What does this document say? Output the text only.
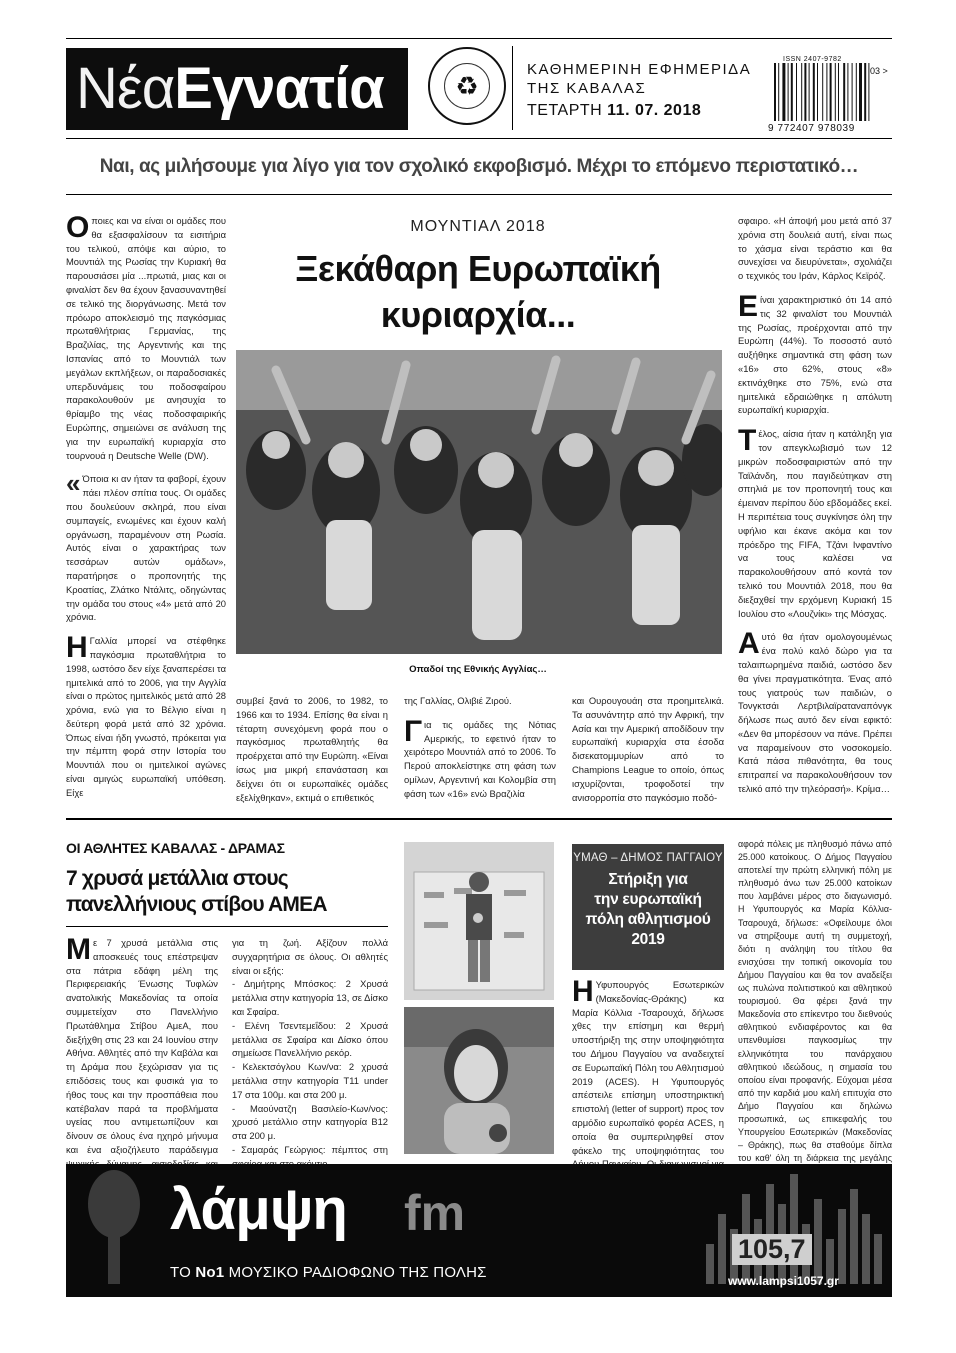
ΝέαΕγνατία	♻
ΚΑΘΗΜΕΡΙΝΗ ΕΦΗΜΕΡΙΔΑ
ΤΗΣ ΚΑΒΑΛΑΣ
ΤΕΤΑΡΤΗ 11. 07. 2018
ISSN 2407-9782
03 >
9 772407 978039
Ναι, ας μιλήσουμε για λίγο για τον σχολικό εκφοβισμό. Μέχρι το επόμενο περιστατικό…

Οποιες και να είναι οι ομάδες που θα εξασφαλίσουν τα εισιτήρια του τελικού, απόψε και αύριο, το Μουντιάλ της Ρωσίας την Κυριακή θα παρουσιάσει μία ...πρωτιά, μιας και οι φιναλίστ δεν θα έχουν ξανασυναντηθεί σε τελικό της διοργάνωσης. Μετά τον πρόωρο αποκλεισμό της παγκόσμιας πρωταθλήτριας Γερμανίας, της Βραζιλίας, της Αργεντινής και της Ισπανίας από το Μουντιάλ των μεγάλων εκπλήξεων, οι παραδοσιακές υπερδυνάμεις του ποδοσφαίρου παρακολουθούν με ανησυχία το θρίαμβο της νέας ποδοσφαιρικής Ευρώπης, σημειώνει σε ανάλυση της για την ευρωπαϊκή κυριαρχία στο τουρνουά η Deutsche Welle (DW).

« Όποια κι αν ήταν τα φαβορί, έχουν πάει πλέον σπίτια τους. Οι ομάδες που δουλεύουν σκληρά, που είναι συμπαγείς, ενωμένες και έχουν καλή οργάνωση, παραμένουν στη Ρωσία. Αυτός είναι ο χαρακτήρας των τεσσάρων αυτών ομάδων», παρατήρησε ο προπονητής της Κροατίας, Ζλάτκο Ντάλιτς, οδηγώντας την ομάδα του στους «4» μετά από 20 χρόνια.

Η Γαλλία μπορεί να στέφθηκε παγκόσμια πρωταθλήτρια το 1998, ωστόσο δεν είχε ξαναπερέσει τα ημιτελικά από το 2006, για την Αγγλία είναι ο πρώτος ημιτελικός μετά από 28 χρόνια, ενώ για το Βέλγιο είναι η δεύτερη φορά μετά από 32 χρόνια. Όπως είναι ήδη γνωστό, πρόκειται για την πέμπτη φορά στην Ιστορία του Μουντιάλ που οι ημιτελικοί αγώνες είναι αμιγώς ευρωπαϊκή υπόθεση. Είχε

ΜΟΥΝΤΙΑΛ 2018
Ξεκάθαρη Ευρωπαϊκή
κυριαρχία...
Οπαδοί της Εθνικής Αγγλίας…

συμβεί ξανά το 2006, το 1982, το 1966 και το 1934. Επίσης θα είναι η τέταρτη συνεχόμενη φορά που ο παγκόσμιος πρωταθλητής θα προέρχεται από την Ευρώπη. «Είναι ίσως μια μικρή επανάσταση και δείχνει ότι οι ευρωπαϊκές ομάδες εξελίχθηκαν», εκτιμά ο επιθετικός

της Γαλλίας, Ολιβιέ Ζιρού.

Για τις ομάδες της Νότιας Αμερικής, το εφετινό ήταν το χειρότερο Μουντιάλ από το 2006. Το Περού αποκλείστηκε στη φάση των ομίλων, Αργεντινή και Κολομβία στη φάση των «16» ενώ Βραζιλία

και Ουρουγουάη στα προημιτελικά. Τα ασυνάντητρ από την Αφρική, την Ασία και την Αμερική αποδίδουν την ευρωπαϊκή κυριαρχία στα έσοδα δισεκατομμυρίων από το Champions League το οποίο, όπως ισχυρίζονται, τροφοδοτεί την ανισορροπία στο παγκόσμιο ποδό-

σφαιρο. «Η άποψή μου μετά από 37 χρόνια στη δουλειά αυτή, είναι πως το χάσμα είναι τεράστιο και θα συνεχίσει να διευρύνεται», σχολιάζει ο τεχνικός του Ιράν, Κάρλος Κεϊρόζ.

Είναι χαρακτηριστικό ότι 14 από τις 32 φιναλίστ του Μουντιάλ της Ρωσίας, προέρχονται από την Ευρώπη (44%). Το ποσοστό αυτό αυξήθηκε σημαντικά στη φάση των «16» στο 62%, στους «8» εκτινάχθηκε στο 75%, ενώ στα ημιτελικά εδραιώθηκε η απόλυτη ευρωπαϊκή κυριαρχία.

Τέλος, αίσια ήταν η κατάληξη για τον απεγκλωβισμό των 12 μικρών ποδοσφαιριστών από την Ταϊλάνδη, που παγιδεύτηκαν στη σπηλιά με τον προπονητή τους και έμειναν περίπου δύο εβδομάδες εκεί. Η περιπέτεια τους συγκίνησε όλη την υφήλιο και έκανε ακόμα και τον πρόεδρο της FIFA, Τζάνι Ινφαντίνο να τους καλέσει να παρακολουθήσουν από κοντά τον τελικό του Μουντιάλ 2018, που θα διεξαχθεί την ερχόμενη Κυριακή 15 Ιουλίου στο «Λουζνίκι» της Μόσχας.

Αυτό θα ήταν ομολογουμένως ένα πολύ καλό δώρο για τα ταλαιπωρημένα παιδιά, ωστόσο δεν θα γίνει πραγματικότητα. Ένας από τους γιατρούς των παιδιών, ο Τονγκτσάι Λερτβιλαϊραταναπόνγκ δήλωσε πως αυτό δεν είναι εφικτό: «Δεν θα μπορέσουν να πάνε. Πρέπει να παραμείνουν στο νοσοκομείο. Κατά πάσα πιθανότητα, θα τους επιτραπεί να παρακολουθήσουν τον τελικό από την τηλεόρασή». Κρίμα…

ΟΙ ΑΘΛΗΤΕΣ ΚΑΒΑΛΑΣ - ΔΡΑΜΑΣ
7 χρυσά μετάλλια στους
πανελλήνιους στίβου ΑΜΕΑ

Με 7 χρυσά μετάλλια στις αποσκευές τους επέστρεψαν στα πάτρια εδάφη μέλη της Περιφερειακής Ένωσης Τυφλών ανατολικής Μακεδονίας τα οποία συμμετείχαν στο Πανελλήνιο Πρωτάθλημα Στίβου ΑμεΑ, που διεξήχθη στις 23 και 24 Ιουνίου στην Αθήνα. Αθλητές από την Καβάλα και τη Δράμα που ξεχώρισαν για τις επιδόσεις τους και φυσικά για το ήθος τους και την προσπάθεια που κατέβαλαν παρά τα προβλήματα υγείας που αντιμετωπίζουν και δίνουν σε όλους ένα ηχηρό μήνυμα και ένα αξιοζήλευτο παράδειγμα

για τη ζωή. Αξίζουν πολλά συγχαρητήρια σε όλους. Οι αθλητές είναι οι εξής:

- Δημήτρης Μπόσκος: 2 Χρυσά μετάλλια στην κατηγορία 13, σε Δίσκο και Σφαίρα.
- Ελένη Τσεντεμεΐδου: 2 Χρυσά μετάλλια σε Σφαίρα και Δίσκο όπου σημείωσε Πανελλήνιο ρεκόρ.
- Κελεκτσόγλου Κων/να: 2 χρυσά μετάλλια στην κατηγορία Τ11 under 17 στα 100μ. και στα 200 μ.
- Μαούνατζη Βασιλείο-Κων/νος: χρυσό μετάλλιο στην κατηγορία Β12 στα 200 μ.
- Σαμαράς Γεώργιος: πέμπτος στη
ΥΜΑΘ – ΔΗΜΟΣ ΠΑΓΓΑΙΟΥ
Στήριξη για
την ευρωπαϊκή
πόλη αθλητισμού
2019

Η Υφυπουργός Εσωτερικών (Μακεδονίας-Θράκης) κα Μαρία Κόλλια -Τσαρουχά, δήλωσε χθες την επίσημη και θερμή υποστήριξη της στην υποψηφιότητα του Δήμου Παγγαίου να αναδειχτεί σε Ευρωπαϊκή Πόλη του Αθλητισμού 2019 (ACES). Η Υφυπουργός απέστειλε επίσημη υποστηρικτική επιστολή (letter of support) προς τον αρμόδιο ευρωπαϊκό φορέα ACES, η οποία θα συμπεριληφθεί στον φάκελο της υποψηφιότητας του

αφορά πόλεις με πληθυσμό πάνω από 25.000 κατοίκους. Ο Δήμος Παγγαίου αποτελεί την πρώτη ελληνική πόλη με πληθυσμό άνω των 25.000 κατοίκων που λαμβάνει μέρος στο διαγωνισμό. Η Υφυπουργός κα Μαρία Κόλλια-Τσαρουχά, δήλωσε: «Οφείλουμε όλοι να στηρίξουμε αυτή τη συμμετοχή, διότι η ανάληψη του τίτλου θα ενισχύσει την τοπική οικονομία του Δήμου Παγγαίου και θα τον αναδείξει ως πυλώνα πολιτιστικού και αθλητικού τουρισμού. Θα φέρει ξανά την Μακεδονία στο επίκεντρο του διεθνούς αθλητικού ενδιαφέροντος και θα υπενθυμίσει παγκοσμίως την ελληνικότητα του πανάρχαιου αθλητικού ιδεώδους, η σημασία του οποίου είναι προφανής. Εύχομαι μέσα από την καρδιά μου καλή επιτυχία στο Δήμο Παγγαίου και δηλώνω προσωπικά, ως επικεφαλής του Υπουργείου Εσωτερικών (Μακεδονίας – Θράκης), πως θα σταθούμε δίπλα του καθ' όλη τη διάρκεια της μεγάλης

λάμψη fm
ΤΟ Νο1 ΜΟΥΣΙΚΟ ΡΑΔΙΟΦΩΝΟ ΤΗΣ ΠΟΛΗΣ
105,7
www.lampsi1057.gr
